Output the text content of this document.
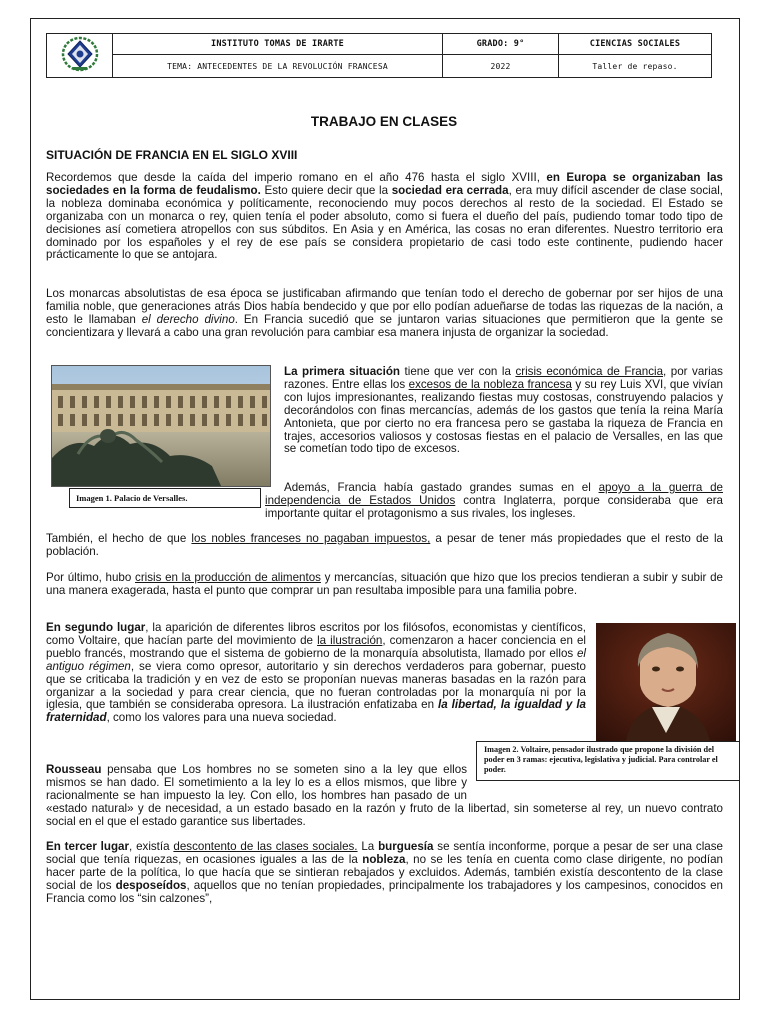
	INSTITUTO TOMAS DE IRARTE	GRADO: 9°	CIENCIAS SOCIALES
	TEMA: ANTECEDENTES DE LA REVOLUCIÓN FRANCESA	2022	Taller de repaso.
TRABAJO EN CLASES
SITUACIÓN DE FRANCIA EN EL SIGLO XVIII
Recordemos que desde la caída del imperio romano en el año 476 hasta el siglo XVIII, en Europa se organizaban las sociedades en la forma de feudalismo. Esto quiere decir que la sociedad era cerrada, era muy difícil ascender de clase social, la nobleza dominaba económica y políticamente, reconociendo muy pocos derechos al resto de la sociedad. El Estado se organizaba con un monarca o rey, quien tenía el poder absoluto, como si fuera el dueño del país, pudiendo tomar todo tipo de decisiones así cometiera atropellos con sus súbditos. En Asia y en América, las cosas no eran diferentes. Nuestro territorio era dominado por los españoles y el rey de ese país se considera propietario de casi todo este continente, pudiendo hacer prácticamente lo que se antojara.
Los monarcas absolutistas de esa época se justificaban afirmando que tenían todo el derecho de gobernar por ser hijos de una familia noble, que generaciones atrás Dios había bendecido y que por ello podían adueñarse de todas las riquezas de la nación, a esto le llamaban el derecho divino. En Francia sucedió que se juntaron varias situaciones que permitieron que la gente se concientizara y llevará a cabo una gran revolución para cambiar esa manera injusta de organizar la sociedad.
Imagen 1. Palacio de Versalles.
La primera situación tiene que ver con la crisis económica de Francia, por varias razones. Entre ellas los excesos de la nobleza francesa y su rey Luis XVI, que vivían con lujos impresionantes, realizando fiestas muy costosas, construyendo palacios y decorándolos con finas mercancías, además de los gastos que tenía la reina María Antonieta, que por cierto no era francesa pero se gastaba la riqueza de Francia en trajes, accesorios valiosos y costosas fiestas en el palacio de Versalles, en las que se cometían todo tipo de excesos.
Además, Francia había gastado grandes sumas en el apoyo a la guerra de independencia de Estados Unidos contra Inglaterra, porque consideraba que era importante quitar el protagonismo a sus rivales, los ingleses.
También, el hecho de que los nobles franceses no pagaban impuestos, a pesar de tener más propiedades que el resto de la población.
Por último, hubo crisis en la producción de alimentos y mercancías, situación que hizo que los precios tendieran a subir y subir de una manera exagerada, hasta el punto que comprar un pan resultaba imposible para una familia pobre.
Imagen 2. Voltaire, pensador ilustrado que propone la división del poder en 3 ramas: ejecutiva, legislativa y judicial. Para controlar el poder.
En segundo lugar, la aparición de diferentes libros escritos por los filósofos, economistas y científicos, como Voltaire, que hacían parte del movimiento de la ilustración, comenzaron a hacer conciencia en el pueblo francés, mostrando que el sistema de gobierno de la monarquía absolutista, llamado por ellos el antiguo régimen, se viera como opresor, autoritario y sin derechos verdaderos para gobernar, puesto que se criticaba la tradición y en vez de esto se proponían nuevas maneras basadas en la razón para organizar a la sociedad y para crear ciencia, que no fueran controladas por la monarquía ni por la iglesia, que también se consideraba opresora. La ilustración enfatizaba en la libertad, la igualdad y la fraternidad, como los valores para una nueva sociedad.
Rousseau pensaba que Los hombres no se someten sino a la ley que ellos mismos se han dado. El sometimiento a la ley lo es a ellos mismos, que libre y racionalmente se han impuesto la ley. Con ello, los hombres han pasado de un «estado natural» y de necesidad, a un estado basado en la razón y fruto de la libertad, sin someterse al rey, un nuevo contrato social en el que el estado garantice sus libertades.
En tercer lugar, existía descontento de las clases sociales. La burguesía se sentía inconforme, porque a pesar de ser una clase social que tenía riquezas, en ocasiones iguales a las de la nobleza, no se les tenía en cuenta como clase dirigente, no podían hacer parte de la política, lo que hacía que se sintieran rebajados y excluidos. Además, también existía descontento de la clase social de los desposeídos, aquellos que no tenían propiedades, principalmente los trabajadores y los campesinos, conocidos en Francia como los “sin calzones”,
